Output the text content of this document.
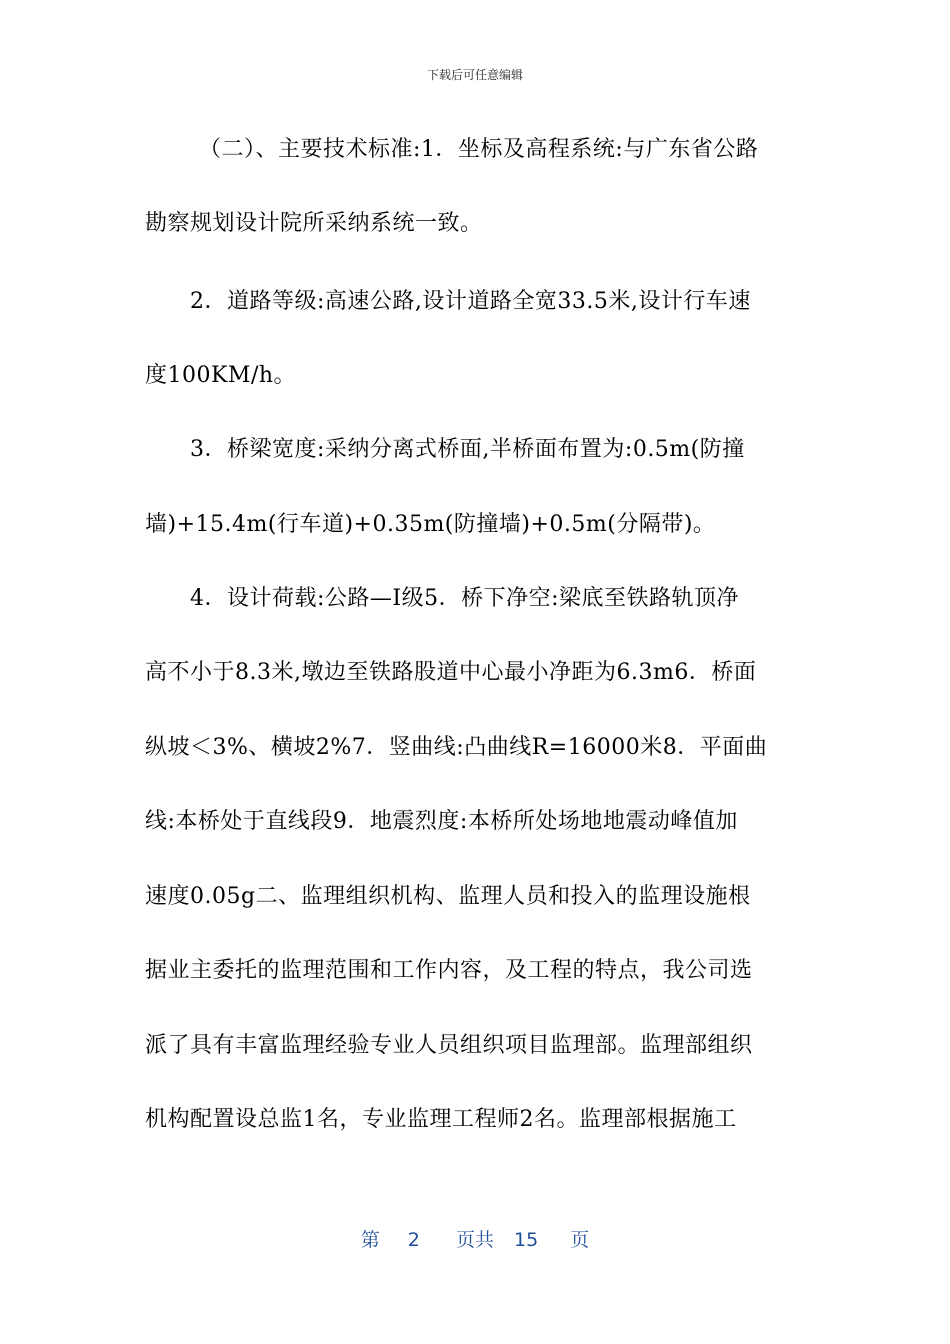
下载后可任意编辑
（二）、主要技术标准:1．坐标及高程系统:与广东省公路
勘察规划设计院所采纳系统一致。
2．道路等级:高速公路,设计道路全宽33.5米,设计行车速
度100KM/h。
3．桥梁宽度:采纳分离式桥面,半桥面布置为:0.5m(防撞
墙)+15.4m(行车道)+0.35m(防撞墙)+0.5m(分隔带)。
4．设计荷载:公路—Ⅰ级5．桥下净空:梁底至铁路轨顶净
高不小于8.3米,墩边至铁路股道中心最小净距为6.3m6．桥面
纵坡＜3%、横坡2%7．竖曲线:凸曲线R=16000米8．平面曲
线:本桥处于直线段9．地震烈度:本桥所处场地地震动峰值加
速度0.05g二、监理组织机构、监理人员和投入的监理设施根
据业主委托的监理范围和工作内容，及工程的特点，我公司选
派了具有丰富监理经验专业人员组织项目监理部。监理部组织
机构配置设总监1名，专业监理工程师2名。监理部根据施工
第 2 页共 15 页
